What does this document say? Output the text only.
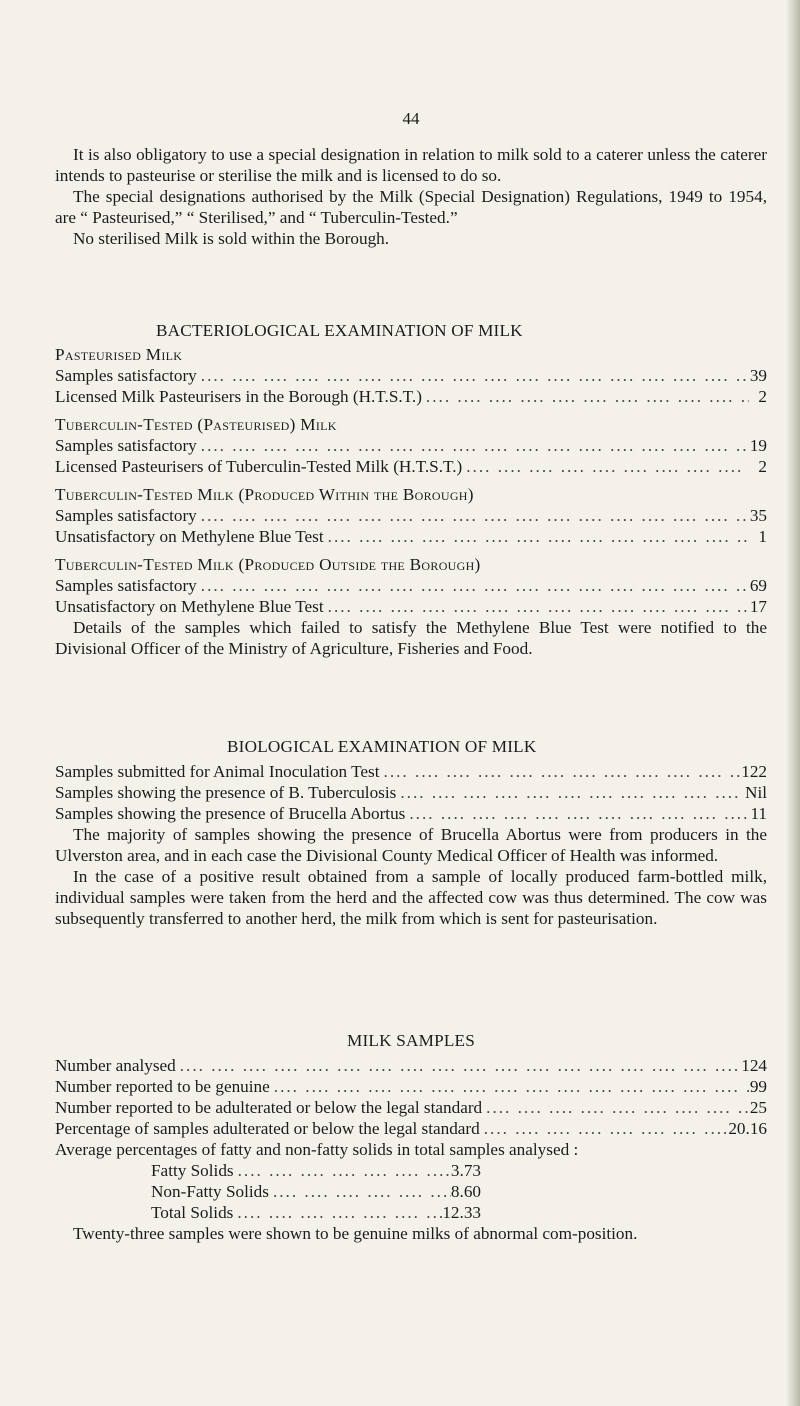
44

It is also obligatory to use a special designation in relation to milk sold to a caterer unless the caterer intends to pasteurise or sterilise the milk and is licensed to do so.

The special designations authorised by the Milk (Special Designation) Regulations, 1949 to 1954, are “ Pasteurised,” “ Sterilised,” and “ Tuberculin-Tested.”

No sterilised Milk is sold within the Borough.

BACTERIOLOGICAL EXAMINATION OF MILK

Pasteurised Milk

Samples satisfactory ....	39
Licensed Milk Pasteurisers in the Borough (H.T.S.T.) ....	2

Tuberculin-Tested (Pasteurised) Milk

Samples satisfactory ....	19
Licensed Pasteurisers of Tuberculin-Tested Milk (H.T.S.T.) ....	2

Tuberculin-Tested Milk (Produced Within the Borough)

Samples satisfactory ....	35
Unsatisfactory on Methylene Blue Test ....	1

Tuberculin-Tested Milk (Produced Outside the Borough)

Samples satisfactory ....	69
Unsatisfactory on Methylene Blue Test ....	17

Details of the samples which failed to satisfy the Methylene Blue Test were notified to the Divisional Officer of the Ministry of Agriculture, Fisheries and Food.

BIOLOGICAL EXAMINATION OF MILK

Samples submitted for Animal Inoculation Test ....	122
Samples showing the presence of B. Tuberculosis ....	Nil
Samples showing the presence of Brucella Abortus ....	11

The majority of samples showing the presence of Brucella Abortus were from producers in the Ulverston area, and in each case the Divisional County Medical Officer of Health was informed.

In the case of a positive result obtained from a sample of locally produced farm-bottled milk, individual samples were taken from the herd and the affected cow was thus determined. The cow was subsequently transferred to another herd, the milk from which is sent for pasteurisation.

MILK SAMPLES

Number analysed ....	124
Number reported to be genuine ....	99
Number reported to be adulterated or below the legal standard ....	25
Percentage of samples adulterated or below the legal standard ....	20.16

Average percentages of fatty and non-fatty solids in total samples analysed :

Fatty Solids ....	3.73
Non-Fatty Solids ....	8.60
Total Solids ....	12.33

Twenty-three samples were shown to be genuine milks of abnormal com-position.
